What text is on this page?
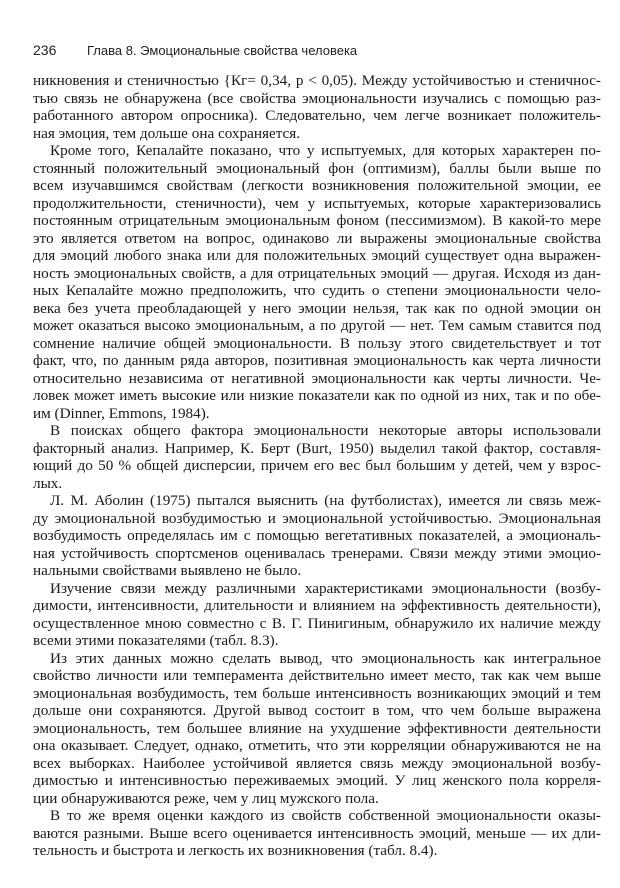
236 Глава 8. Эмоциональные свойства человека
никновения и стеничностью {Кг= 0,34, р < 0,05). Между устойчивостью и стеничнос-
тью связь не обнаружена (все свойства эмоциональности изучались с помощью раз-
работанного автором опросника). Следовательно, чем легче возникает положитель-
ная эмоция, тем дольше она сохраняется.
Кроме того, Кепалайте показано, что у испытуемых, для которых характерен по-
стоянный положительный эмоциональный фон (оптимизм), баллы были выше по
всем изучавшимся свойствам (легкости возникновения положительной эмоции, ее
продолжительности, стеничности), чем у испытуемых, которые характеризовались
постоянным отрицательным эмоциональным фоном (пессимизмом). В какой-то мере
это является ответом на вопрос, одинаково ли выражены эмоциональные свойства
для эмоций любого знака или для положительных эмоций существует одна выражен-
ность эмоциональных свойств, а для отрицательных эмоций — другая. Исходя из дан-
ных Кепалайте можно предположить, что судить о степени эмоциональности чело-
века без учета преобладающей у него эмоции нельзя, так как по одной эмоции он
может оказаться высоко эмоциональным, а по другой — нет. Тем самым ставится под
сомнение наличие общей эмоциональности. В пользу этого свидетельствует и тот
факт, что, по данным ряда авторов, позитивная эмоциональность как черта личности
относительно независима от негативной эмоциональности как черты личности. Че-
ловек может иметь высокие или низкие показатели как по одной из них, так и по обе-
им (Dinner, Emmons, 1984).
В поисках общего фактора эмоциональности некоторые авторы использовали
факторный анализ. Например, К. Берт (Burt, 1950) выделил такой фактор, составля-
ющий до 50 % общей дисперсии, причем его вес был большим у детей, чем у взрос-
лых.
Л. М. Аболин (1975) пытался выяснить (на футболистах), имеется ли связь меж-
ду эмоциональной возбудимостью и эмоциональной устойчивостью. Эмоциональная
возбудимость определялась им с помощью вегетативных показателей, а эмоциональ-
ная устойчивость спортсменов оценивалась тренерами. Связи между этими эмоцио-
нальными свойствами выявлено не было.
Изучение связи между различными характеристиками эмоциональности (возбу-
димости, интенсивности, длительности и влиянием на эффективность деятельности),
осуществленное мною совместно с В. Г. Пинигиным, обнаружило их наличие между
всеми этими показателями (табл. 8.3).
Из этих данных можно сделать вывод, что эмоциональность как интегральное
свойство личности или темперамента действительно имеет место, так как чем выше
эмоциональная возбудимость, тем больше интенсивность возникающих эмоций и тем
дольше они сохраняются. Другой вывод состоит в том, что чем больше выражена
эмоциональность, тем большее влияние на ухудшение эффективности деятельности
она оказывает. Следует, однако, отметить, что эти корреляции обнаруживаются не на
всех выборках. Наиболее устойчивой является связь между эмоциональной возбу-
димостью и интенсивностью переживаемых эмоций. У лиц женского пола корреля-
ции обнаруживаются реже, чем у лиц мужского пола.
В то же время оценки каждого из свойств собственной эмоциональности оказы-
ваются разными. Выше всего оценивается интенсивность эмоций, меньше — их дли-
тельность и быстрота и легкость их возникновения (табл. 8.4).
